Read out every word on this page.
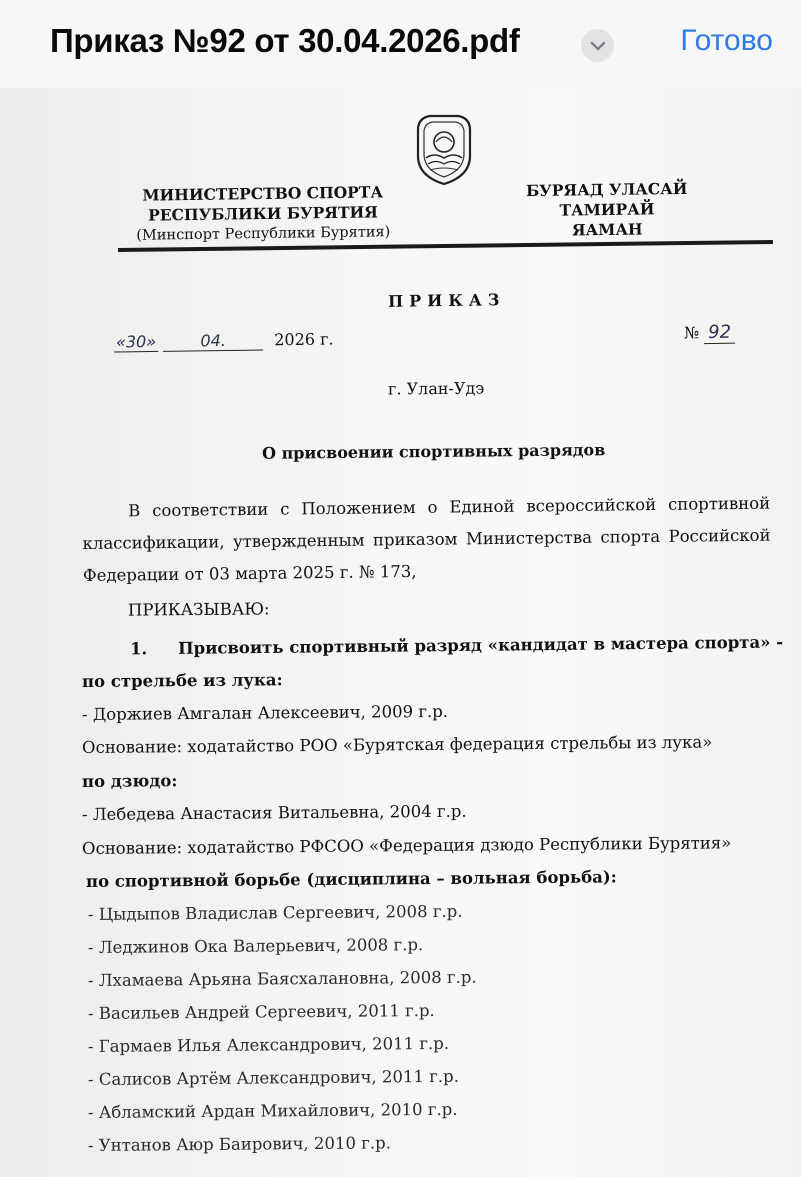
Приказ №92 от 30.04.2026.pdf	Готово
МИНИСТЕРСТВО СПОРТА
РЕСПУБЛИКИ БУРЯТИЯ
(Минспорт Республики Бурятия)
БУРЯАД УЛАСАЙ
ТАМИРАЙ ЯАМАН
ПРИКАЗ
«30»	04.	2026 г.	№ 92
г. Улан-Удэ
О присвоении спортивных разрядов
В соответствии с Положением о Единой всероссийской спортивной классификации, утвержденным приказом Министерства спорта Российской Федерации от 03 марта 2025 г. № 173,
ПРИКАЗЫВАЮ:
1. Присвоить спортивный разряд «кандидат в мастера спорта» -
по стрельбе из лука:
- Доржиев Амгалан Алексеевич, 2009 г.р.
Основание: ходатайство РОО «Бурятская федерация стрельбы из лука»
по дзюдо:
- Лебедева Анастасия Витальевна, 2004 г.р.
Основание: ходатайство РФСОО «Федерация дзюдо Республики Бурятия»
по спортивной борьбе (дисциплина – вольная борьба):
- Цыдыпов Владислав Сергеевич, 2008 г.р.
- Леджинов Ока Валерьевич, 2008 г.р.
- Лхамаева Арьяна Баясхалановна, 2008 г.р.
- Васильев Андрей Сергеевич, 2011 г.р.
- Гармаев Илья Александрович, 2011 г.р.
- Салисов Артём Александрович, 2011 г.р.
- Абламский Ардан Михайлович, 2010 г.р.
- Унтанов Аюр Баирович, 2010 г.р.
